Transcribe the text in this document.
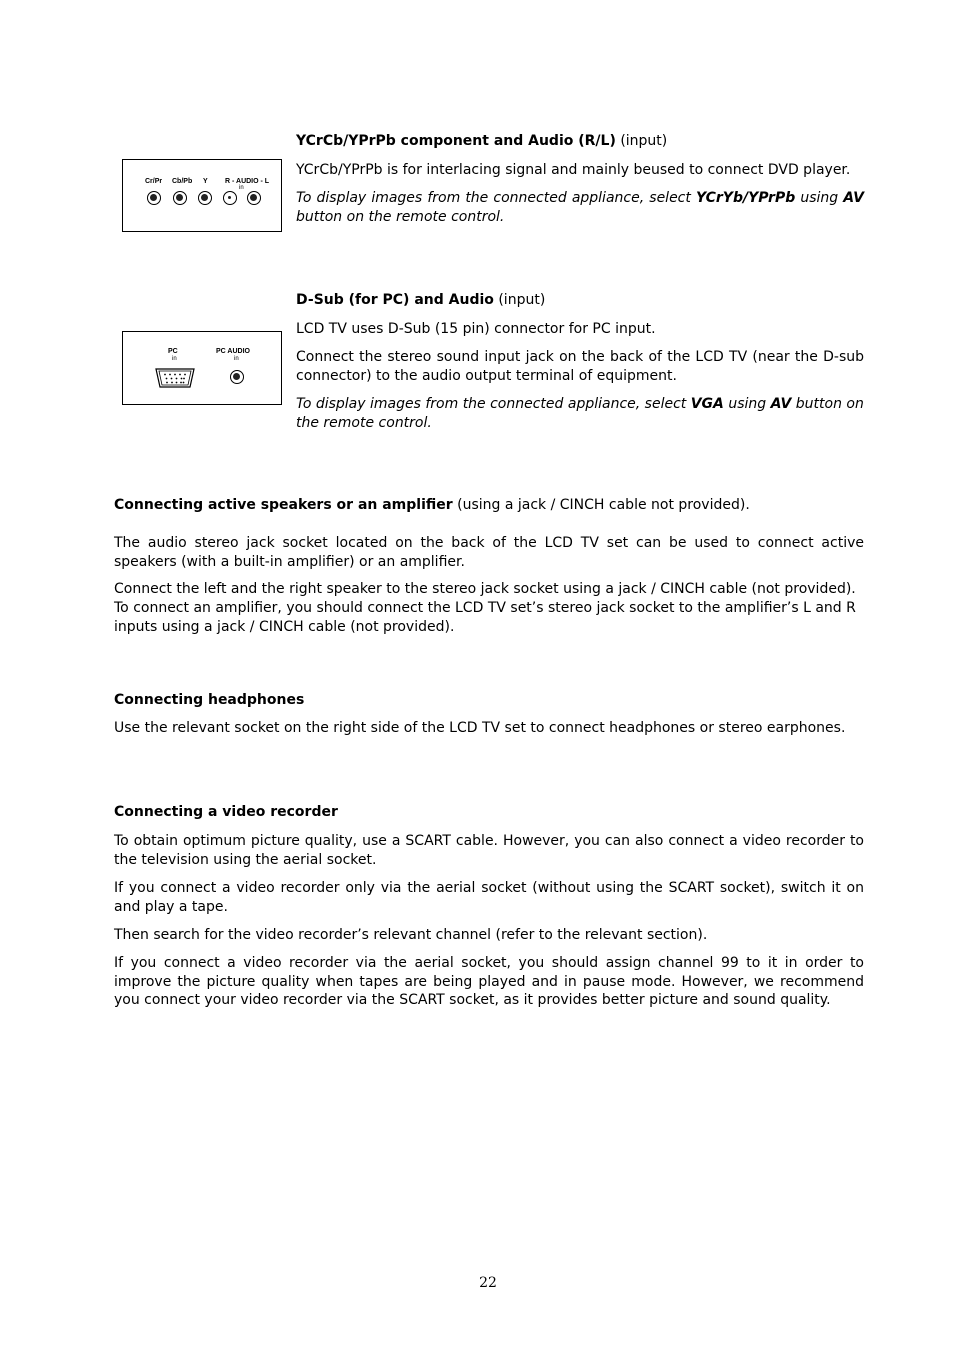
YCrCb/YPrPb component and Audio (R/L) (input)
Cr/Pr Cb/Pb Y R - AUDIO - L
in
YCrCb/YPrPb is for interlacing signal and mainly beused to connect DVD player.
To display images from the connected appliance, select YCrYb/YPrPb using AV button on the remote control.
D-Sub (for PC) and Audio (input)
PC
in
PC AUDIO
in
LCD TV uses D-Sub (15 pin) connector for PC input.
Connect the stereo sound input jack on the back of the LCD TV (near the D-sub connector) to the audio output terminal of equipment.
To display images from the connected appliance, select VGA using AV button on the remote control.
Connecting active speakers or an amplifier (using a jack / CINCH cable not provided).
The audio stereo jack socket located on the back of the LCD TV set can be used to connect active speakers (with a built-in amplifier) or an amplifier.
Connect the left and the right speaker to the stereo jack socket using a jack / CINCH cable (not provided).
To connect an amplifier, you should connect the LCD TV set’s stereo jack socket to the amplifier’s L and R inputs using a jack / CINCH cable (not provided).
Connecting headphones
Use the relevant socket on the right side of the LCD TV set to connect headphones or stereo earphones.
Connecting a video recorder
To obtain optimum picture quality, use a SCART cable. However, you can also connect a video recorder to the television using the aerial socket.
If you connect a video recorder only via the aerial socket (without using the SCART socket), switch it on and play a tape.
Then search for the video recorder’s relevant channel (refer to the relevant section).
If you connect a video recorder via the aerial socket, you should assign channel 99 to it in order to improve the picture quality when tapes are being played and in pause mode. However, we recommend you connect your video recorder via the SCART socket, as it provides better picture and sound quality.
22
